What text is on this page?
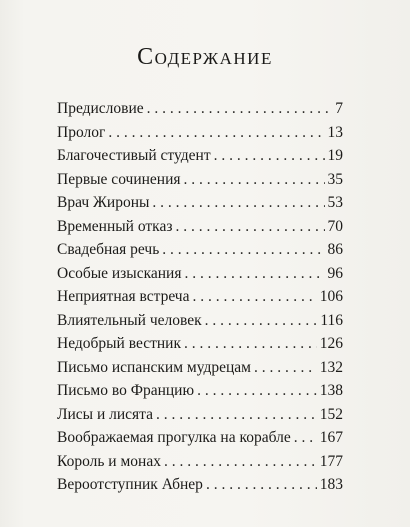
Содержание
Предисловие . . .	7
Пролог . . .	13
Благочестивый студент . . .	19
Первые сочинения . . .	35
Врач Жироны . . .	53
Временный отказ . . .	70
Свадебная речь . . .	86
Особые изыскания . . .	96
Неприятная встреча . . .	106
Влиятельный человек . . .	116
Недобрый вестник . . .	126
Письмо испанским мудрецам . . .	132
Письмо во Францию . . .	138
Лисы и лисята . . .	152
Воображаемая прогулка на корабле . . . 167
Король и монах . . .	177
Вероотступник Абнер . . .	183
